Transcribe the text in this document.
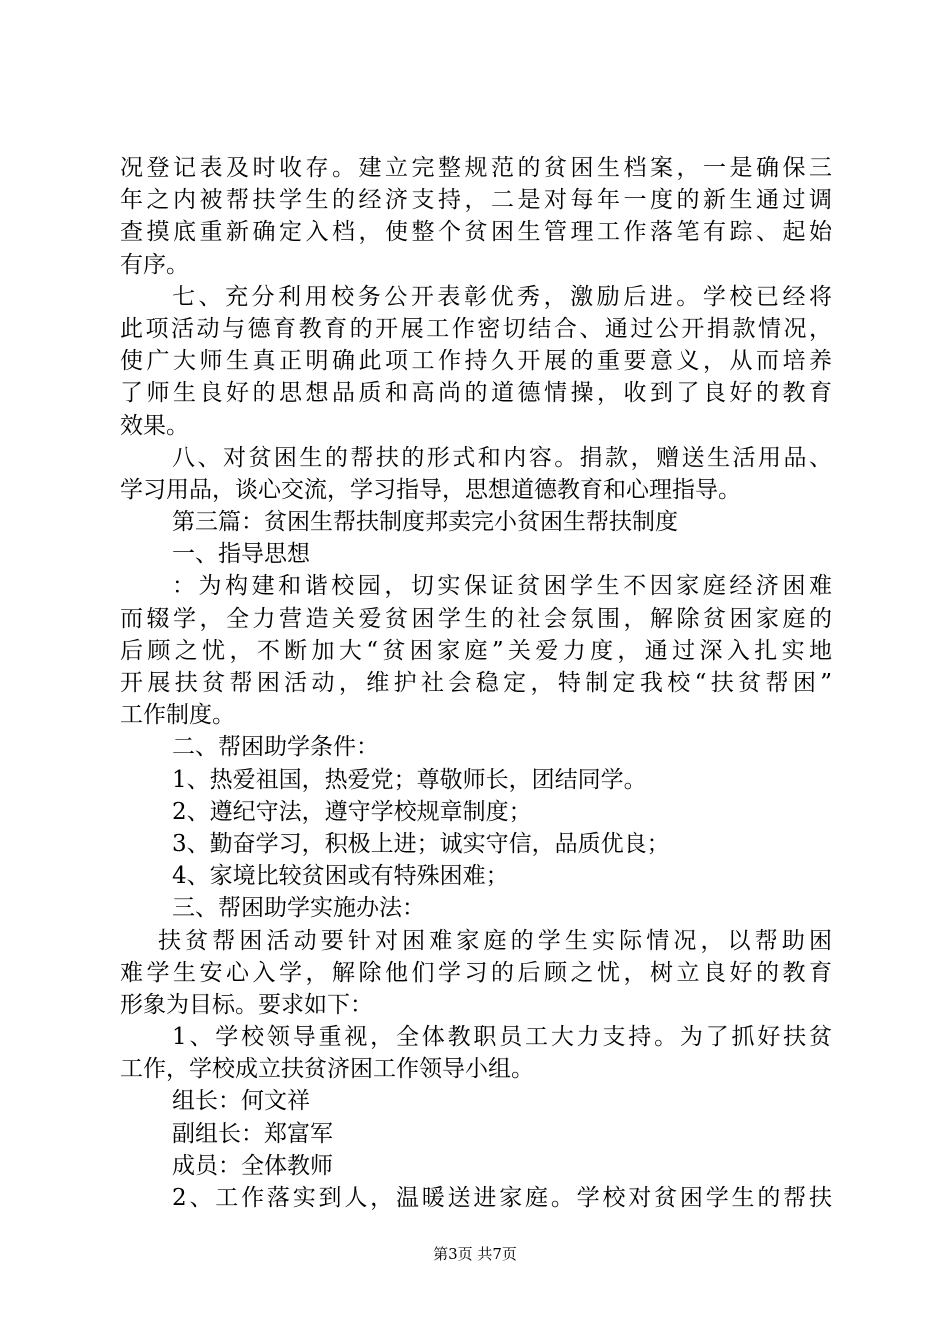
况登记表及时收存。建立完整规范的贫困生档案，一是确保三
年之内被帮扶学生的经济支持，二是对每年一度的新生通过调
查摸底重新确定入档，使整个贫困生管理工作落笔有踪、起始
有序。
七、充分利用校务公开表彰优秀，激励后进。学校已经将
此项活动与德育教育的开展工作密切结合、通过公开捐款情况，
使广大师生真正明确此项工作持久开展的重要意义，从而培养
了师生良好的思想品质和高尚的道德情操，收到了良好的教育
效果。
八、对贫困生的帮扶的形式和内容。捐款，赠送生活用品、
学习用品，谈心交流，学习指导，思想道德教育和心理指导。
第三篇：贫困生帮扶制度邦卖完小贫困生帮扶制度
一、指导思想
：为构建和谐校园，切实保证贫困学生不因家庭经济困难
而辍学，全力营造关爱贫困学生的社会氛围，解除贫困家庭的
后顾之忧，不断加大“贫困家庭”关爱力度，通过深入扎实地
开展扶贫帮困活动，维护社会稳定，特制定我校“扶贫帮困”
工作制度。
二、帮困助学条件：
1、热爱祖国，热爱党；尊敬师长，团结同学。
2、遵纪守法，遵守学校规章制度；
3、勤奋学习，积极上进；诚实守信，品质优良；
4、家境比较贫困或有特殊困难；
三、帮困助学实施办法：
扶贫帮困活动要针对困难家庭的学生实际情况，以帮助困
难学生安心入学，解除他们学习的后顾之忧，树立良好的教育
形象为目标。要求如下：
1、学校领导重视，全体教职员工大力支持。为了抓好扶贫
工作，学校成立扶贫济困工作领导小组。
组长：何文祥
副组长：郑富军
成员：全体教师
2、工作落实到人，温暖送进家庭。学校对贫困学生的帮扶
第3页 共7页
